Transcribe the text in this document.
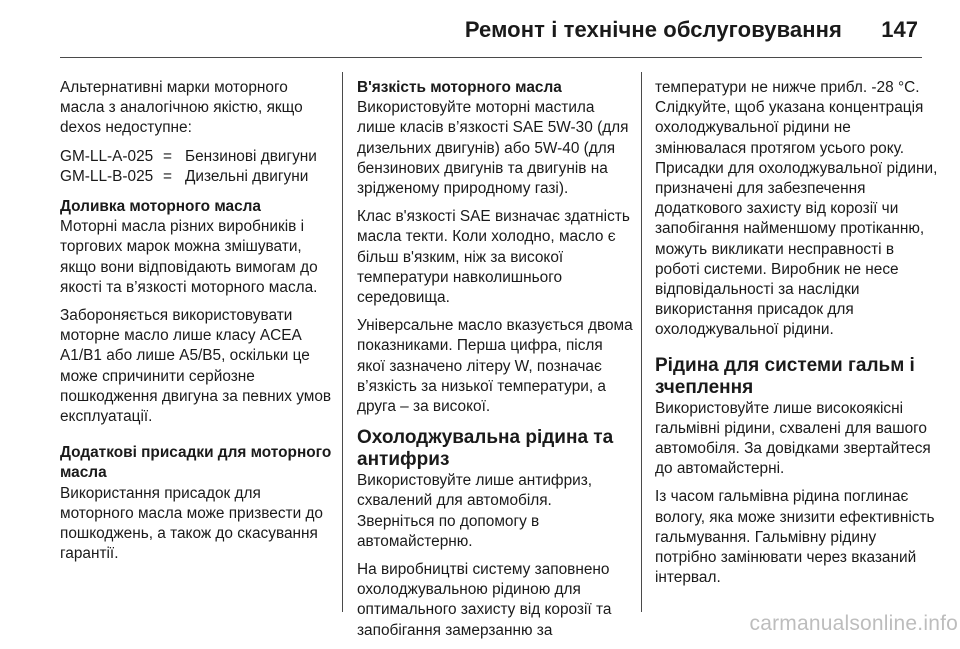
Ремонт і технічне обслуговування 147

Альтернативні марки моторного масла з аналогічною якістю, якщо dexos недоступне:

GM-LL-A-025	=	Бензинові двигуни
GM-LL-B-025	=	Дизельні двигуни
Доливка моторного масла

Моторні масла різних виробників і торгових марок можна змішувати, якщо вони відповідають вимогам до якості та в’язкості моторного масла.

Забороняється використовувати моторне масло лише класу ACEA A1/B1 або лише A5/B5, оскільки це може спричинити серйозне пошкодження двигуна за певних умов експлуатації.

Додаткові присадки для моторного масла

Використання присадок для моторного масла може призвести до пошкоджень, а також до скасування гарантії.

В'язкість моторного масла

Використовуйте моторні мастила лише класів в’язкості SAE 5W-30 (для дизельних двигунів) або 5W-40 (для бензинових двигунів та двигунів на зрідженому природному газі).

Клас в'язкості SAE визначає здатність масла текти. Коли холодно, масло є більш в'язким, ніж за високої температури навколишнього середовища.

Універсальне масло вказується двома показниками. Перша цифра, після якої зазначено літеру W, позначає в’язкість за низької температури, а друга – за високої.

Охолоджувальна рідина та антифриз

Використовуйте лише антифриз, схвалений для автомобіля. Зверніться по допомогу в автомайстерню.

На виробництві систему заповнено охолоджувальною рідиною для оптимального захисту від корозії та запобігання замерзанню за

температури не нижче прибл. -28 °C. Слідкуйте, щоб указана концентрація охолоджувальної рідини не змінювалася протягом усього року. Присадки для охолоджувальної рідини, призначені для забезпечення додаткового захисту від корозії чи запобігання найменшому протіканню, можуть викликати несправності в роботі системи. Виробник не несе відповідальності за наслідки використання присадок для охолоджувальної рідини.

Рідина для системи гальм і зчеплення

Використовуйте лише високоякісні гальмівні рідини, схвалені для вашого автомобіля. За довідками звертайтеся до автомайстерні.

Із часом гальмівна рідина поглинає вологу, яка може знизити ефективність гальмування. Гальмівну рідину потрібно замінювати через вказаний інтервал.

carmanualsonline.info
